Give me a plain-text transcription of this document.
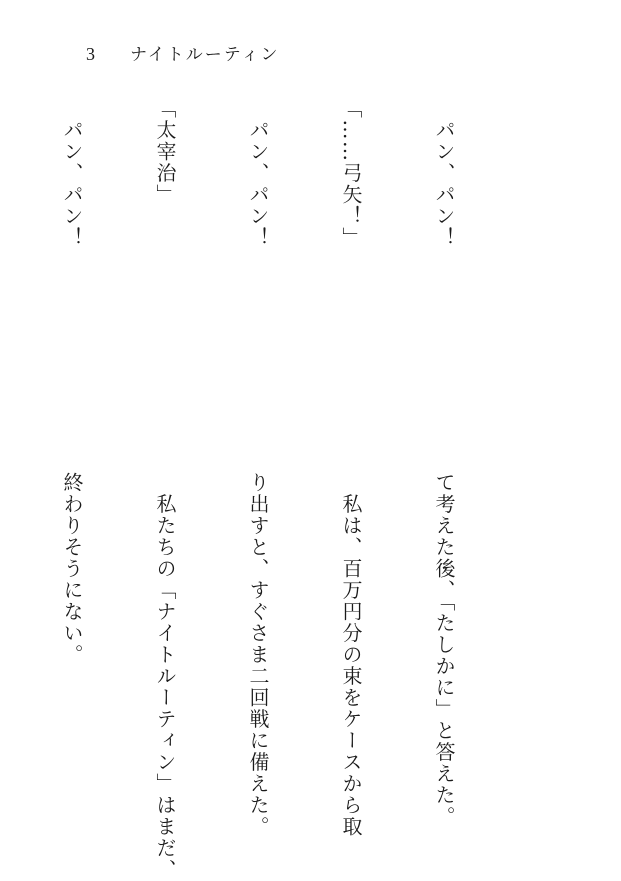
3	ナイトルーティン

　パン、パン！

「……弓矢！」

　パン、パン！

「太宰治」

　パン、パン！

て考えた後、「たしかに」と答えた。

　私は、百万円分の束をケースから取

り出すと、すぐさま二回戦に備えた。

　私たちの「ナイトルーティン」はまだ、

終わりそうにない。
